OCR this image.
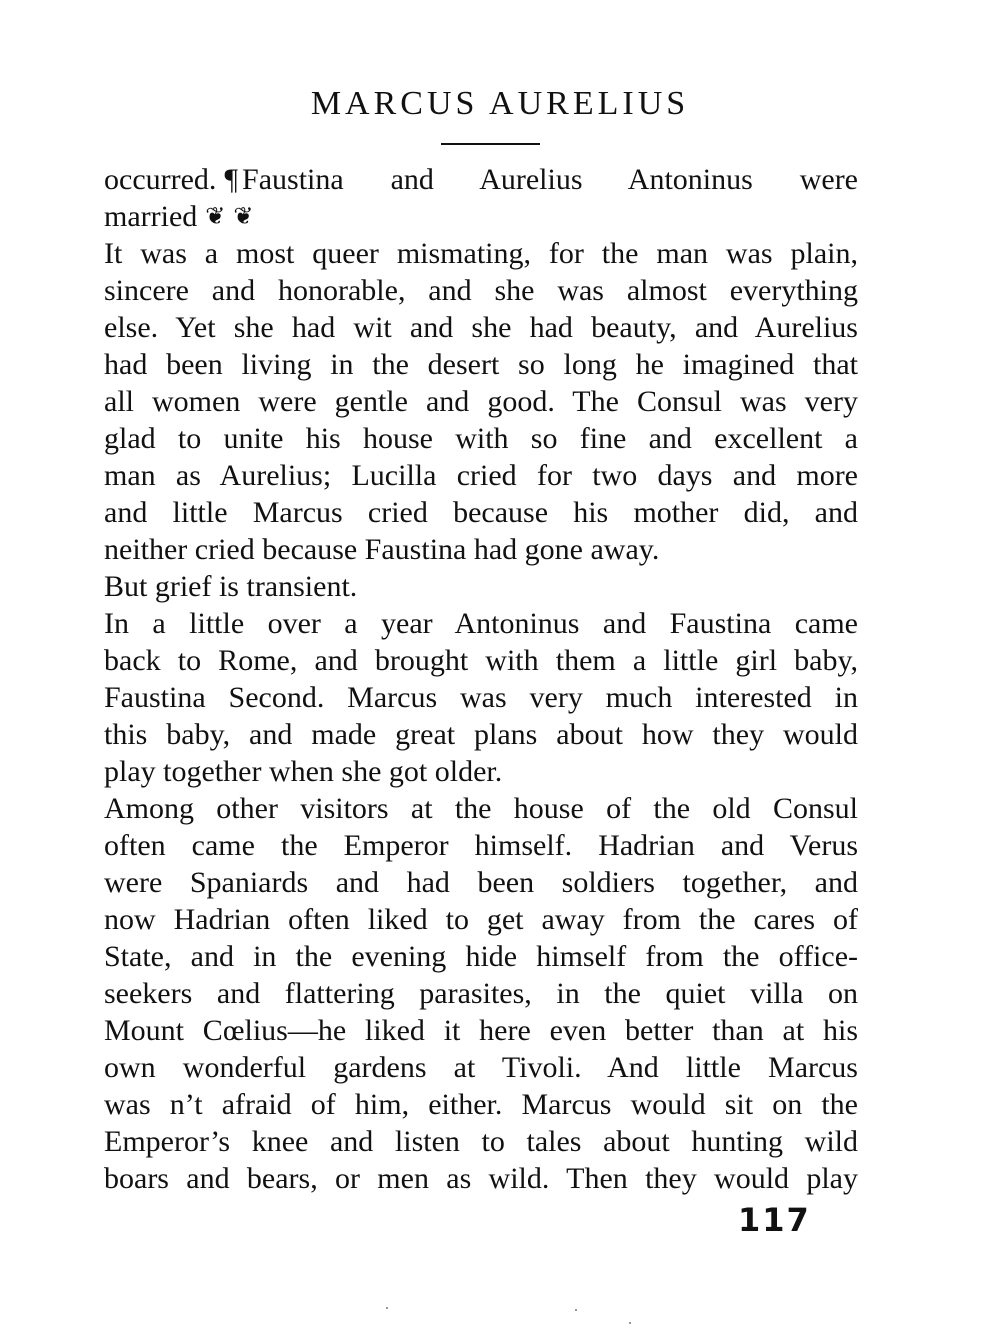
MARCUS AURELIUS
occurred. ¶ Faustina and Aurelius Antoninus were
married ❦ ❦
It was a most queer mismating, for the man was plain,
sincere and honorable, and she was almost everything
else. Yet she had wit and she had beauty, and Aurelius
had been living in the desert so long he imagined that
all women were gentle and good. The Consul was very
glad to unite his house with so fine and excellent a
man as Aurelius; Lucilla cried for two days and more
and little Marcus cried because his mother did, and
neither cried because Faustina had gone away.
But grief is transient.
In a little over a year Antoninus and Faustina came
back to Rome, and brought with them a little girl baby,
Faustina Second. Marcus was very much interested in
this baby, and made great plans about how they would
play together when she got older.
Among other visitors at the house of the old Consul
often came the Emperor himself. Hadrian and Verus
were Spaniards and had been soldiers together, and
now Hadrian often liked to get away from the cares of
State, and in the evening hide himself from the office-
seekers and flattering parasites, in the quiet villa on
Mount Cœlius—he liked it here even better than at his
own wonderful gardens at Tivoli. And little Marcus
was n’t afraid of him, either. Marcus would sit on the
Emperor’s knee and listen to tales about hunting wild
boars and bears, or men as wild. Then they would play
117
